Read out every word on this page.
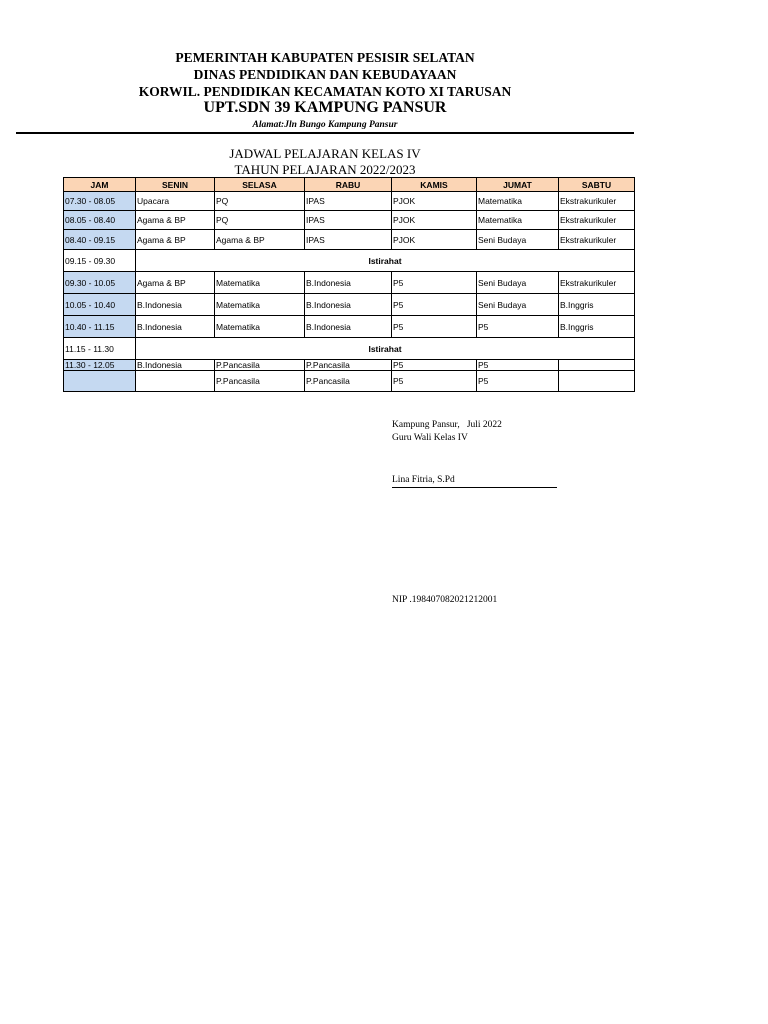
PEMERINTAH KABUPATEN PESISIR SELATAN
DINAS PENDIDIKAN DAN KEBUDAYAAN
KORWIL. PENDIDIKAN KECAMATAN KOTO XI TARUSAN
UPT.SDN 39 KAMPUNG PANSUR
Alamat:Jln Bungo Kampung Pansur
JADWAL PELAJARAN KELAS IV
TAHUN PELAJARAN 2022/2023
JAM	SENIN	SELASA	RABU	KAMIS	JUMAT	SABTU
07.30 - 08.05	Upacara	PQ	IPAS	PJOK	Matematika	Ekstrakurikuler
08.05 - 08.40	Agama & BP	PQ	IPAS	PJOK	Matematika	Ekstrakurikuler
08.40 - 09.15	Agama & BP	Agama & BP	IPAS	PJOK	Seni Budaya	Ekstrakurikuler
09.15 - 09.30	Istirahat					
09.30 - 10.05	Agama & BP	Matematika	B.Indonesia	P5	Seni Budaya	Ekstrakurikuler
10.05 - 10.40	B.Indonesia	Matematika	B.Indonesia	P5	Seni Budaya	B.Inggris
10.40 - 11.15	B.Indonesia	Matematika	B.Indonesia	P5	P5	B.Inggris
11.15 - 11.30	Istirahat					
11.30 - 12.05	B.Indonesia	P.Pancasila	P.Pancasila	P5	P5	
		P.Pancasila	P.Pancasila	P5	P5	
Kampung Pansur,   Juli 2022
Guru Wali Kelas IV
Lina Fitria, S.Pd
NIP .198407082021212001
